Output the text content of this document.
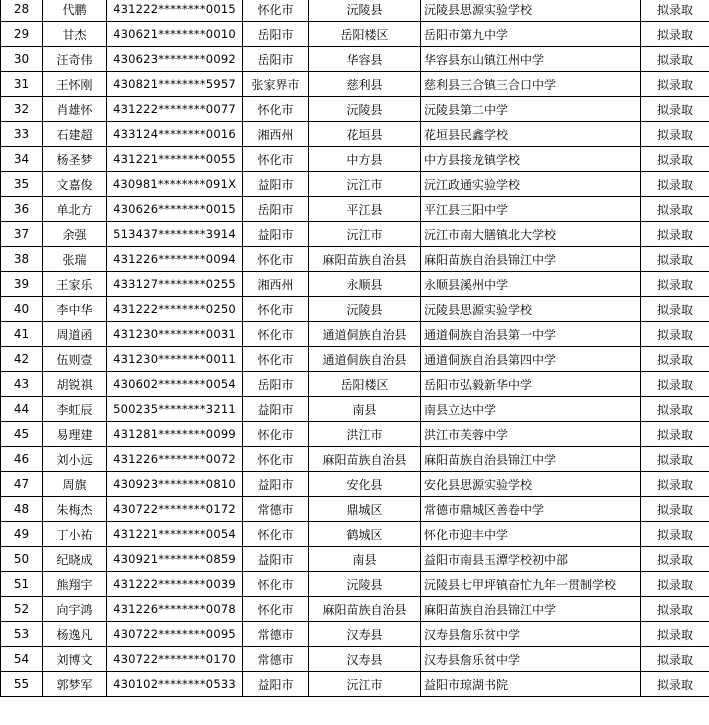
28	代鹏	431222********0015	怀化市	沅陵县	沅陵县思源实验学校	拟录取
29	甘杰	430621********0010	岳阳市	岳阳楼区	岳阳市第九中学	拟录取
30	汪奇伟	430623********0092	岳阳市	华容县	华容县东山镇江州中学	拟录取
31	王怀刚	430821********5957	张家界市	慈利县	慈利县三合镇三合口中学	拟录取
32	肖雄怀	431222********0077	怀化市	沅陵县	沅陵县第二中学	拟录取
33	石建超	433124********0016	湘西州	花垣县	花垣县民鑫学校	拟录取
34	杨圣梦	431221********0055	怀化市	中方县	中方县接龙镇学校	拟录取
35	文嘉俊	430981********091X	益阳市	沅江市	沅江政通实验学校	拟录取
36	单北方	430626********0015	岳阳市	平江县	平江县三阳中学	拟录取
37	余强	513437********3914	益阳市	沅江市	沅江市南大膳镇北大学校	拟录取
38	张瑞	431226********0094	怀化市	麻阳苗族自治县	麻阳苗族自治县锦江中学	拟录取
39	王家乐	433127********0255	湘西州	永顺县	永顺县溪州中学	拟录取
40	李中华	431222********0250	怀化市	沅陵县	沅陵县思源实验学校	拟录取
41	周道函	431230********0031	怀化市	通道侗族自治县	通道侗族自治县第一中学	拟录取
42	伍则壹	431230********0011	怀化市	通道侗族自治县	通道侗族自治县第四中学	拟录取
43	胡锐祺	430602********0054	岳阳市	岳阳楼区	岳阳市弘毅新华中学	拟录取
44	李虹辰	500235********3211	益阳市	南县	南县立达中学	拟录取
45	易理建	431281********0099	怀化市	洪江市	洪江市芙蓉中学	拟录取
46	刘小远	431226********0072	怀化市	麻阳苗族自治县	麻阳苗族自治县锦江中学	拟录取
47	周旗	430923********0810	益阳市	安化县	安化县思源实验学校	拟录取
48	朱梅杰	430722********0172	常德市	鼎城区	常德市鼎城区善卷中学	拟录取
49	丁小祐	431221********0054	怀化市	鹤城区	怀化市迎丰中学	拟录取
50	纪晓成	430921********0859	益阳市	南县	益阳市南县玉潭学校初中部	拟录取
51	熊翔宇	431222********0039	怀化市	沅陵县	沅陵县七甲坪镇奋忙九年一贯制学校	拟录取
52	向宇鸿	431226********0078	怀化市	麻阳苗族自治县	麻阳苗族自治县锦江中学	拟录取
53	杨逸凡	430722********0095	常德市	汉寿县	汉寿县詹乐贫中学	拟录取
54	刘博文	430722********0170	常德市	汉寿县	汉寿县詹乐贫中学	拟录取
55	郭梦军	430102********0533	益阳市	沅江市	益阳市琼湖书院	拟录取
